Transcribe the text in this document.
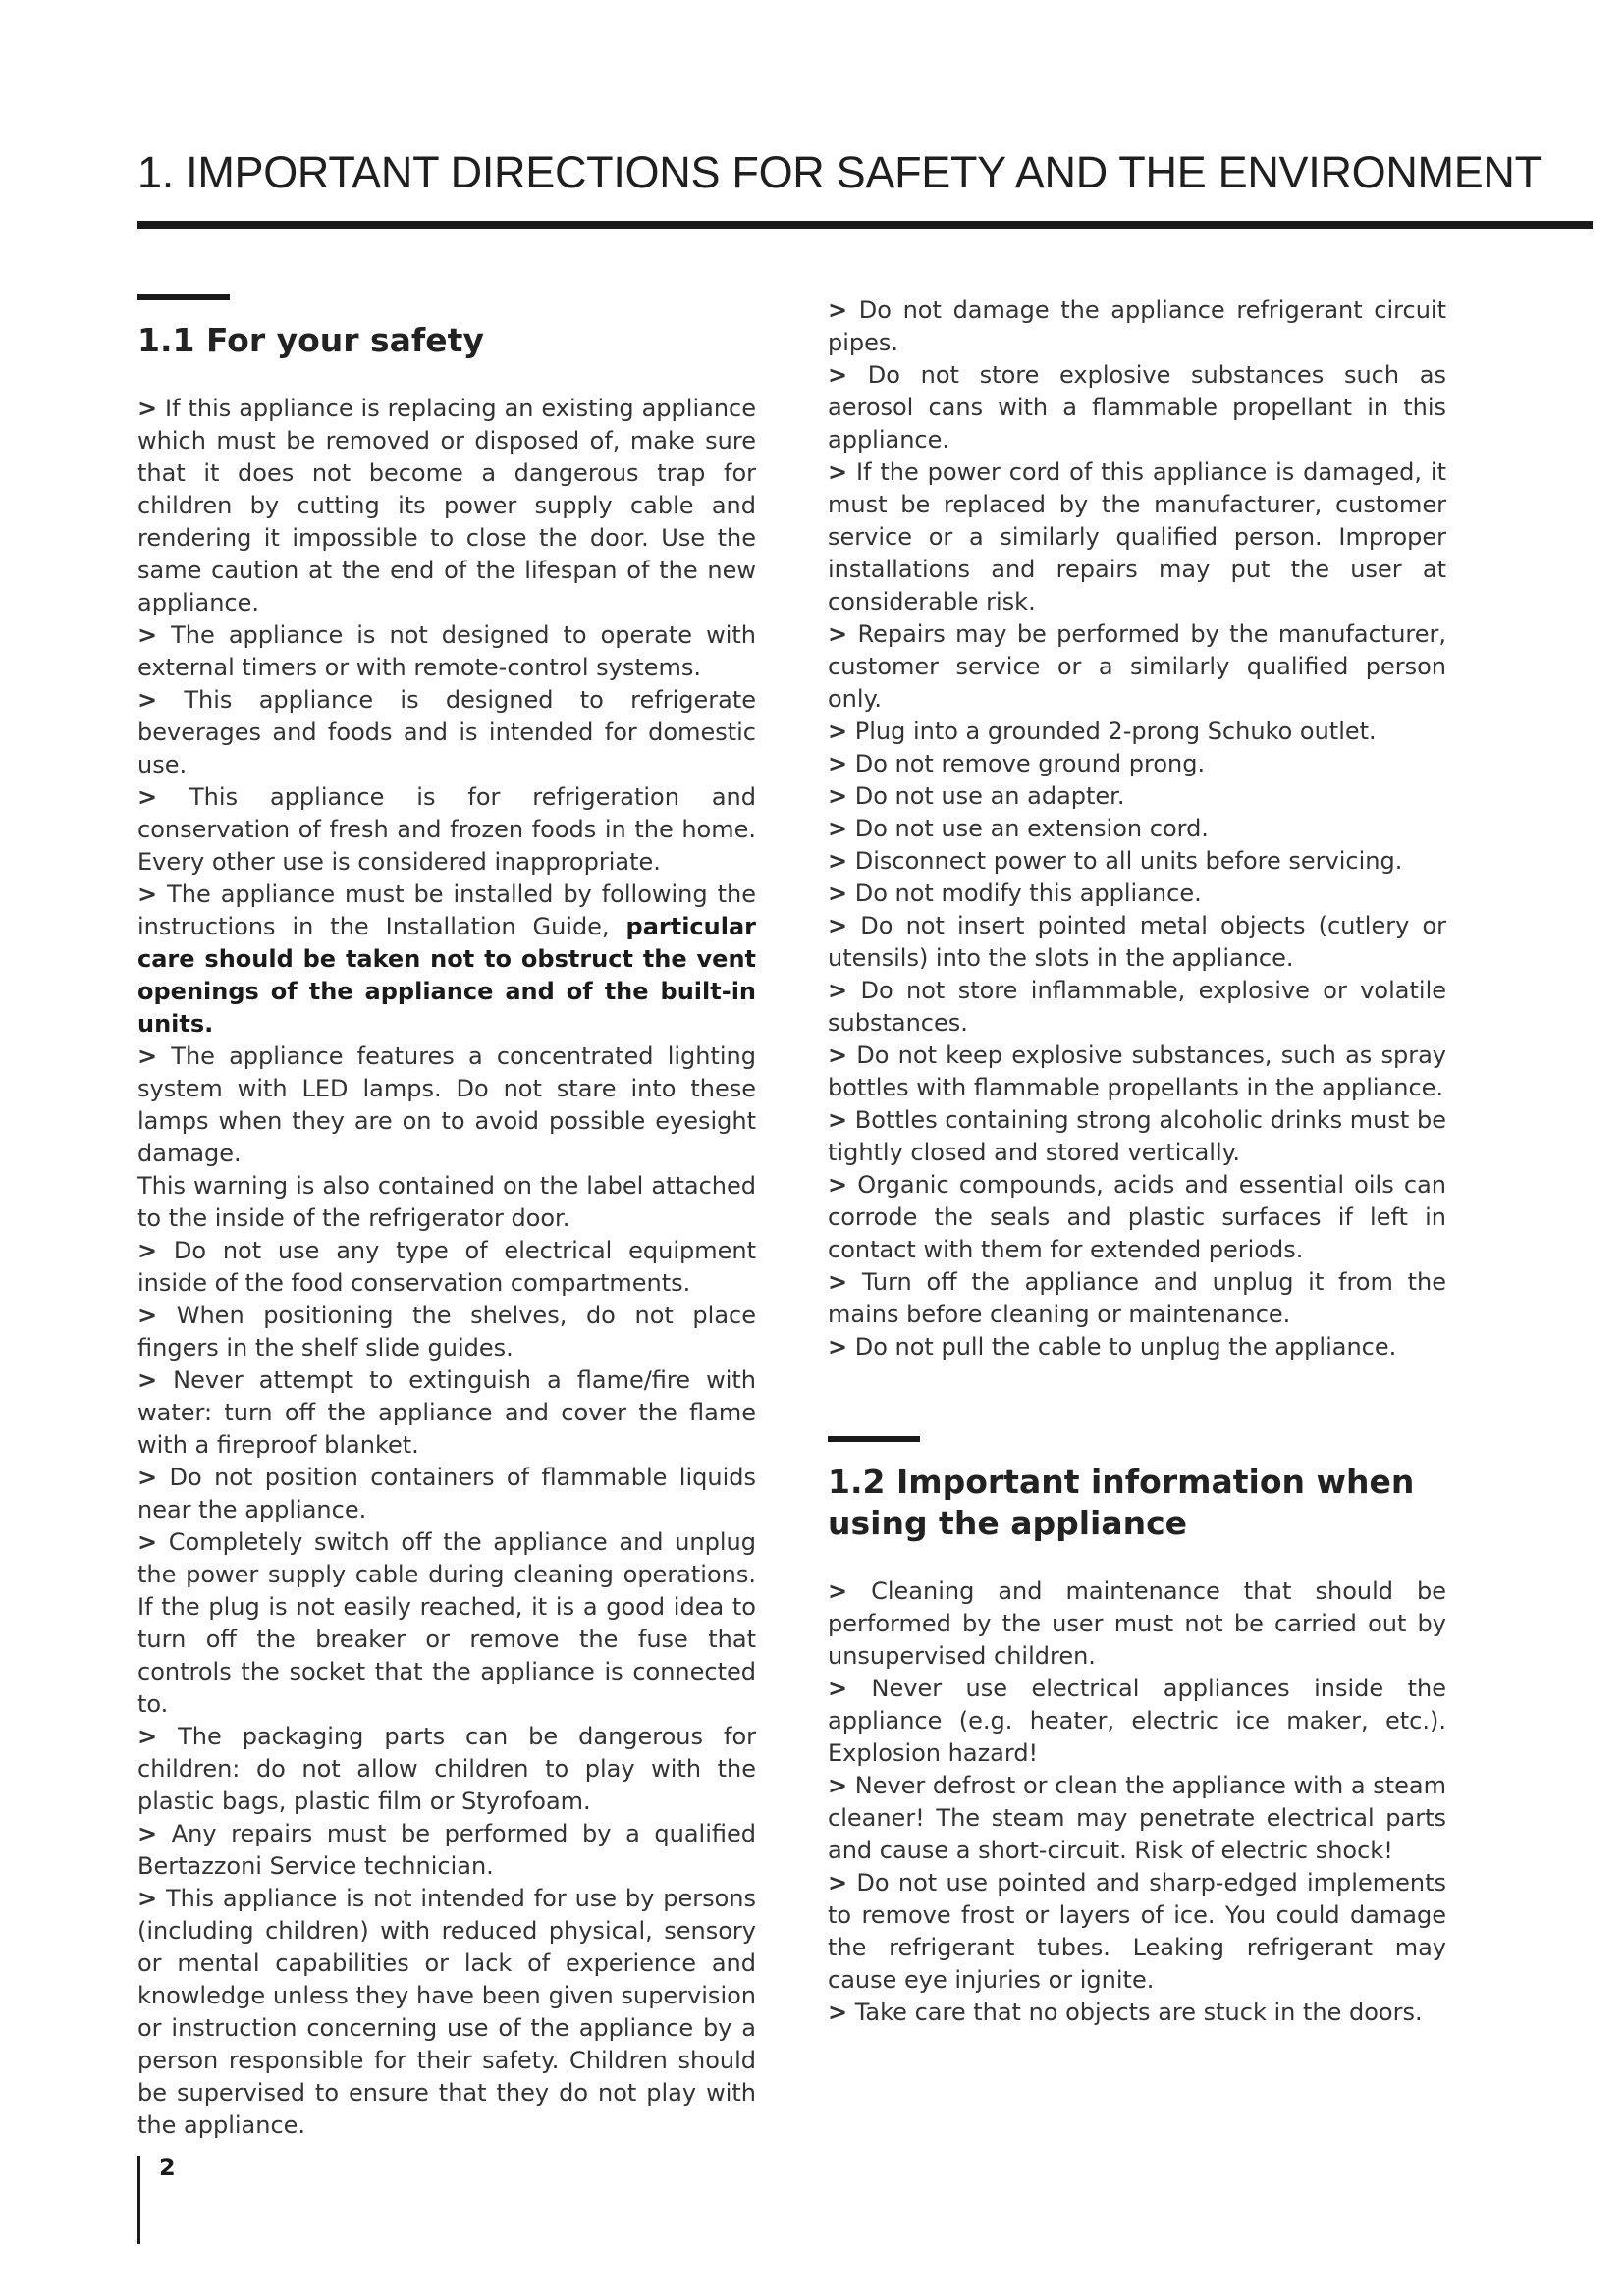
1. IMPORTANT DIRECTIONS FOR SAFETY AND THE ENVIRONMENT
1.1 For your safety

> If this appliance is replacing an existing appliance which must be removed or disposed of, make sure that it does not become a dangerous trap for children by cutting its power supply cable and rendering it impossible to close the door. Use the same caution at the end of the lifespan of the new appliance.

> The appliance is not designed to operate with external timers or with remote-control systems.

> This appliance is designed to refrigerate beverages and foods and is intended for domestic use.

> This appliance is for refrigeration and conservation of fresh and frozen foods in the home. Every other use is considered inappropriate.

> The appliance must be installed by following the instructions in the Installation Guide, particular care should be taken not to obstruct the vent openings of the appliance and of the built-in units.

> The appliance features a concentrated lighting system with LED lamps. Do not stare into these lamps when they are on to avoid possible eyesight damage.

This warning is also contained on the label attached to the inside of the refrigerator door.

> Do not use any type of electrical equipment inside of the food conservation compartments.

> When positioning the shelves, do not place fingers in the shelf slide guides.

> Never attempt to extinguish a flame/fire with water: turn off the appliance and cover the flame with a fireproof blanket.

> Do not position containers of flammable liquids near the appliance.

> Completely switch off the appliance and unplug the power supply cable during cleaning operations. If the plug is not easily reached, it is a good idea to turn off the breaker or remove the fuse that controls the socket that the appliance is connected to.

> The packaging parts can be dangerous for children: do not allow children to play with the plastic bags, plastic film or Styrofoam.

> Any repairs must be performed by a qualified Bertazzoni Service technician.

> This appliance is not intended for use by persons (including children) with reduced physical, sensory or mental capabilities or lack of experience and knowledge unless they have been given supervision or instruction concerning use of the appliance by a person responsible for their safety. Children should be supervised to ensure that they do not play with the appliance.

> Do not damage the appliance refrigerant circuit pipes.

> Do not store explosive substances such as aerosol cans with a flammable propellant in this appliance.

> If the power cord of this appliance is damaged, it must be replaced by the manufacturer, customer service or a similarly qualified person. Improper installations and repairs may put the user at considerable risk.

> Repairs may be performed by the manufacturer, customer service or a similarly qualified person only.

> Plug into a grounded 2-prong Schuko outlet.

> Do not remove ground prong.

> Do not use an adapter.

> Do not use an extension cord.

> Disconnect power to all units before servicing.

> Do not modify this appliance.

> Do not insert pointed metal objects (cutlery or utensils) into the slots in the appliance.

> Do not store inflammable, explosive or volatile substances.

> Do not keep explosive substances, such as spray bottles with flammable propellants in the appliance.

> Bottles containing strong alcoholic drinks must be tightly closed and stored vertically.

> Organic compounds, acids and essential oils can corrode the seals and plastic surfaces if left in contact with them for extended periods.

> Turn off the appliance and unplug it from the mains before cleaning or maintenance.

> Do not pull the cable to unplug the appliance.

1.2 Important information when using the appliance

> Cleaning and maintenance that should be performed by the user must not be carried out by unsupervised children.

> Never use electrical appliances inside the appliance (e.g. heater, electric ice maker, etc.). Explosion hazard!

> Never defrost or clean the appliance with a steam cleaner! The steam may penetrate electrical parts and cause a short-circuit. Risk of electric shock!

> Do not use pointed and sharp-edged implements to remove frost or layers of ice. You could damage the refrigerant tubes. Leaking refrigerant may cause eye injuries or ignite.

> Take care that no objects are stuck in the doors.

2
